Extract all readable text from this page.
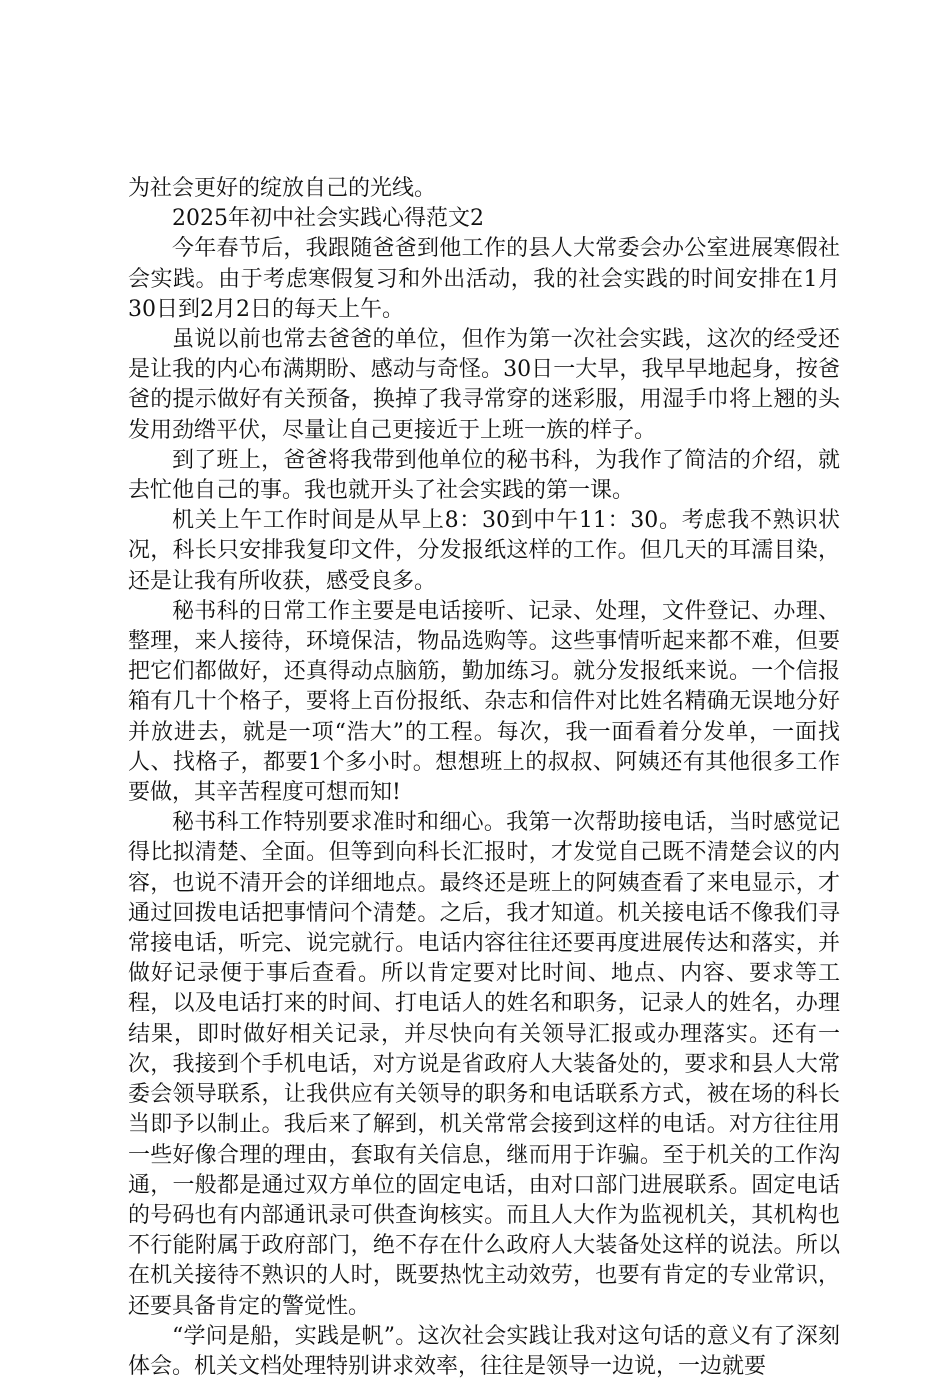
为社会更好的绽放自己的光线。

2025年初中社会实践心得范文2

今年春节后，我跟随爸爸到他工作的县人大常委会办公室进展寒假社会实践。由于考虑寒假复习和外出活动，我的社会实践的时间安排在1月30日到2月2日的每天上午。

虽说以前也常去爸爸的单位，但作为第一次社会实践，这次的经受还是让我的内心布满期盼、感动与奇怪。30日一大早，我早早地起身，按爸爸的提示做好有关预备，换掉了我寻常穿的迷彩服，用湿手巾将上翘的头发用劲绺平伏，尽量让自己更接近于上班一族的样子。

到了班上，爸爸将我带到他单位的秘书科，为我作了简洁的介绍，就去忙他自己的事。我也就开头了社会实践的第一课。

机关上午工作时间是从早上8：30到中午11：30。考虑我不熟识状况，科长只安排我复印文件，分发报纸这样的工作。但几天的耳濡目染，还是让我有所收获，感受良多。

秘书科的日常工作主要是电话接听、记录、处理，文件登记、办理、整理，来人接待，环境保洁，物品选购等。这些事情听起来都不难，但要把它们都做好，还真得动点脑筋，勤加练习。就分发报纸来说。一个信报箱有几十个格子，要将上百份报纸、杂志和信件对比姓名精确无误地分好并放进去，就是一项“浩大”的工程。每次，我一面看着分发单，一面找人、找格子，都要1个多小时。想想班上的叔叔、阿姨还有其他很多工作要做，其辛苦程度可想而知!

秘书科工作特别要求准时和细心。我第一次帮助接电话，当时感觉记得比拟清楚、全面。但等到向科长汇报时，才发觉自己既不清楚会议的内容，也说不清开会的详细地点。最终还是班上的阿姨查看了来电显示，才通过回拨电话把事情问个清楚。之后，我才知道。机关接电话不像我们寻常接电话，听完、说完就行。电话内容往往还要再度进展传达和落实，并做好记录便于事后查看。所以肯定要对比时间、地点、内容、要求等工程，以及电话打来的时间、打电话人的姓名和职务，记录人的姓名，办理结果，即时做好相关记录，并尽快向有关领导汇报或办理落实。还有一次，我接到个手机电话，对方说是省政府人大装备处的，要求和县人大常委会领导联系，让我供应有关领导的职务和电话联系方式，被在场的科长当即予以制止。我后来了解到，机关常常会接到这样的电话。对方往往用一些好像合理的理由，套取有关信息，继而用于诈骗。至于机关的工作沟通，一般都是通过双方单位的固定电话，由对口部门进展联系。固定电话的号码也有内部通讯录可供查询核实。而且人大作为监视机关，其机构也不行能附属于政府部门，绝不存在什么政府人大装备处这样的说法。所以在机关接待不熟识的人时，既要热忱主动效劳，也要有肯定的专业常识，还要具备肯定的警觉性。

“学问是船，实践是帆”。这次社会实践让我对这句话的意义有了深刻体会。机关文档处理特别讲求效率，往往是领导一边说，一边就要
